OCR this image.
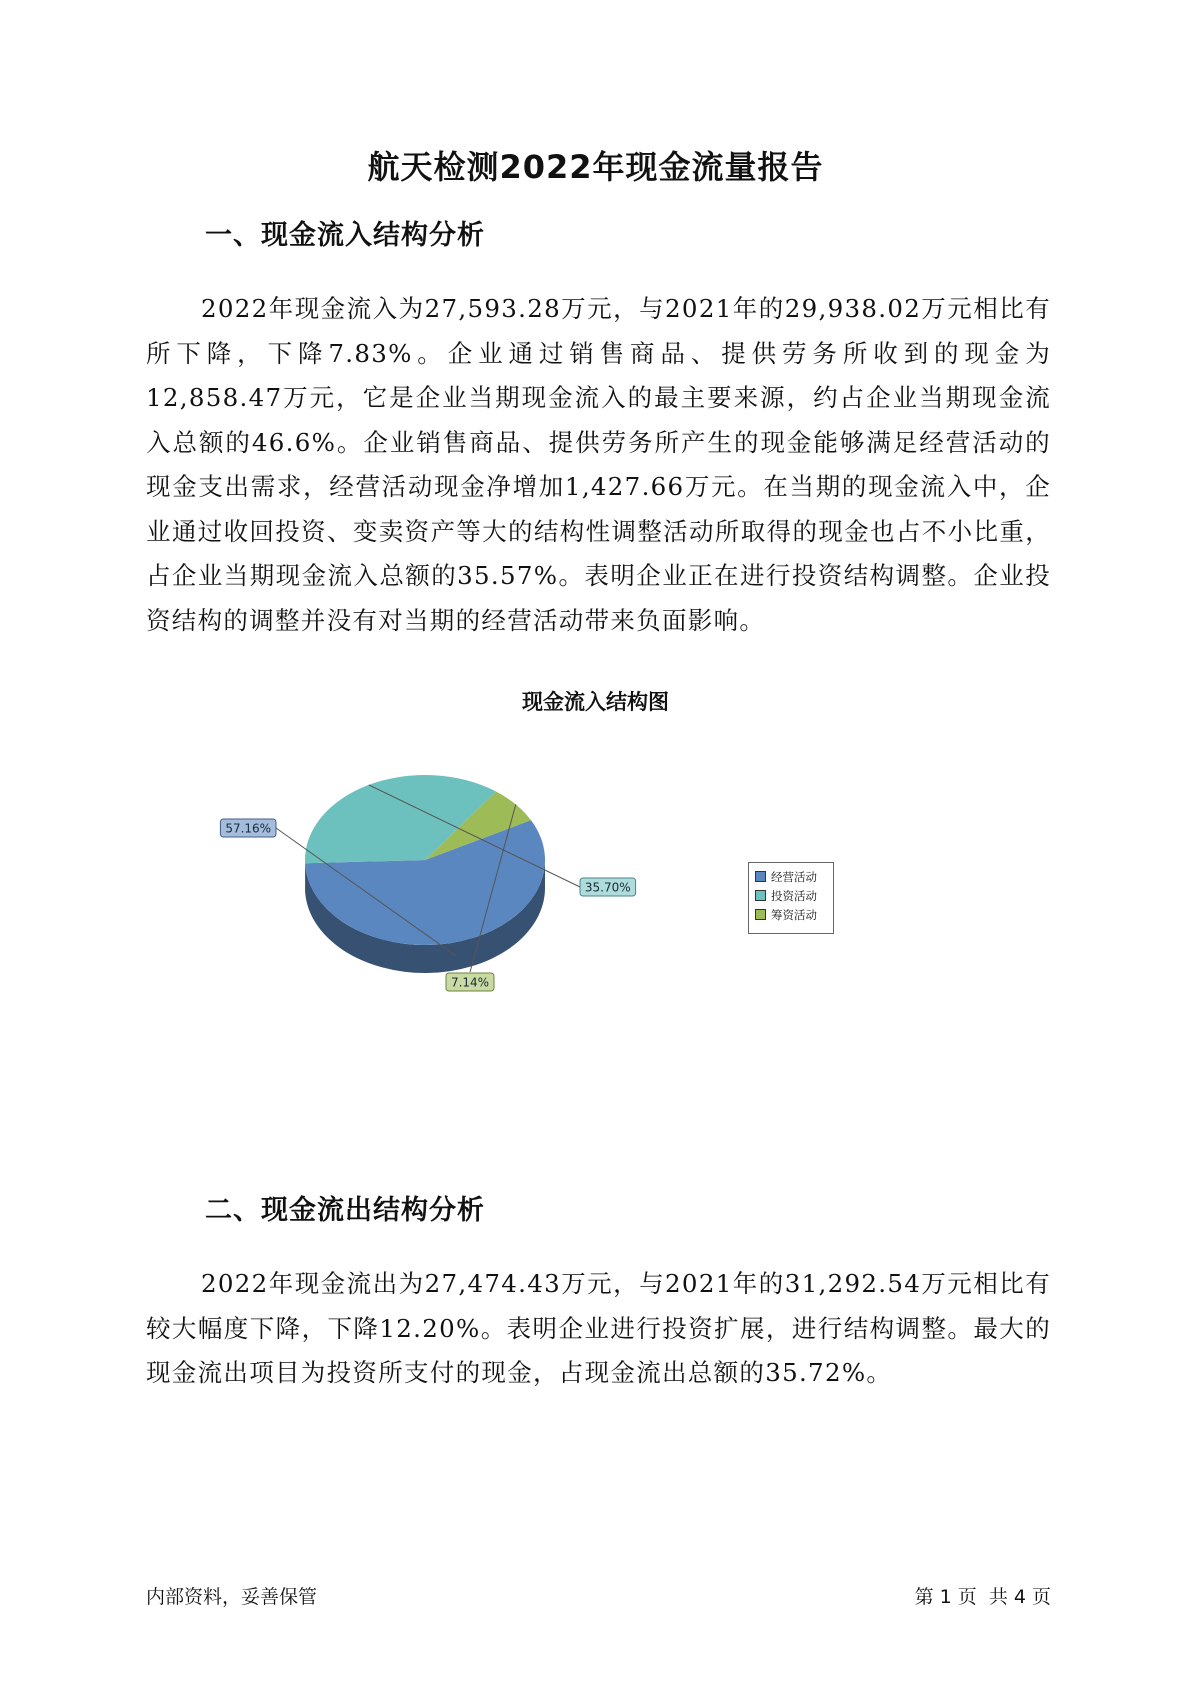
航天检测2022年现金流量报告
一、现金流入结构分析
2022年现金流入为27,593.28万元，与2021年的29,938.02万元相比有所下降，下降7.83%。企业通过销售商品、提供劳务所收到的现金为12,858.47万元，它是企业当期现金流入的最主要来源，约占企业当期现金流入总额的46.6%。企业销售商品、提供劳务所产生的现金能够满足经营活动的现金支出需求，经营活动现金净增加1,427.66万元。在当期的现金流入中，企业通过收回投资、变卖资产等大的结构性调整活动所取得的现金也占不小比重，占企业当期现金流入总额的35.57%。表明企业正在进行投资结构调整。企业投资结构的调整并没有对当期的经营活动带来负面影响。
现金流入结构图
57.16%
35.70%
7.14%
经营活动
投资活动
筹资活动
二、现金流出结构分析
2022年现金流出为27,474.43万元，与2021年的31,292.54万元相比有较大幅度下降，下降12.20%。表明企业进行投资扩展，进行结构调整。最大的现金流出项目为投资所支付的现金，占现金流出总额的35.72%。
内部资料，妥善保管	第 1 页  共 4 页
